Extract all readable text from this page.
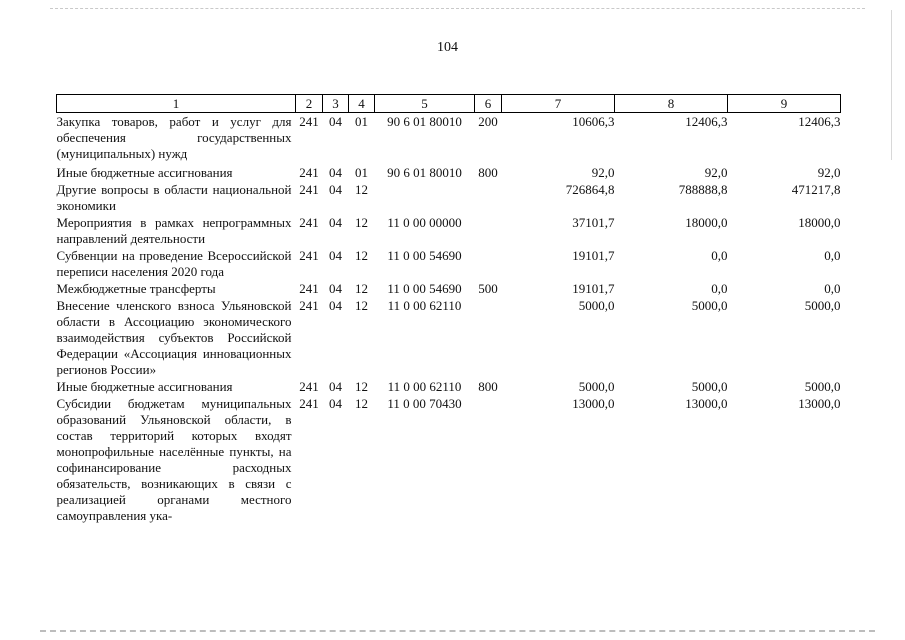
104
1	2	3	4	5	6	7	8	9
Закупка товаров, работ и услуг для обеспечения государственных (муниципальных) нужд	241	04	01	90 6 01 80010	200	10606,3	12406,3	12406,3
Иные бюджетные ассигнования	241	04	01	90 6 01 80010	800	92,0	92,0	92,0
Другие вопросы в области национальной экономики	241	04	12			726864,8	788888,8	471217,8
Мероприятия в рамках непрограммных направлений деятельности	241	04	12	11 0 00 00000		37101,7	18000,0	18000,0
Субвенции на проведение Всероссийской переписи населения 2020 года	241	04	12	11 0 00 54690		19101,7	0,0	0,0
Межбюджетные трансферты	241	04	12	11 0 00 54690	500	19101,7	0,0	0,0
Внесение членского взноса Ульяновской области в Ассоциацию экономического взаимодействия субъектов Российской Федерации «Ассоциация инновационных регионов России»	241	04	12	11 0 00 62110		5000,0	5000,0	5000,0
Иные бюджетные ассигнования	241	04	12	11 0 00 62110	800	5000,0	5000,0	5000,0
Субсидии бюджетам муниципальных образований Ульяновской области, в состав территорий которых входят монопрофильные населённые пункты, на софинансирование расходных обязательств, возникающих в связи с реализацией органами местного самоуправления ука-	241	04	12	11 0 00 70430		13000,0	13000,0	13000,0
